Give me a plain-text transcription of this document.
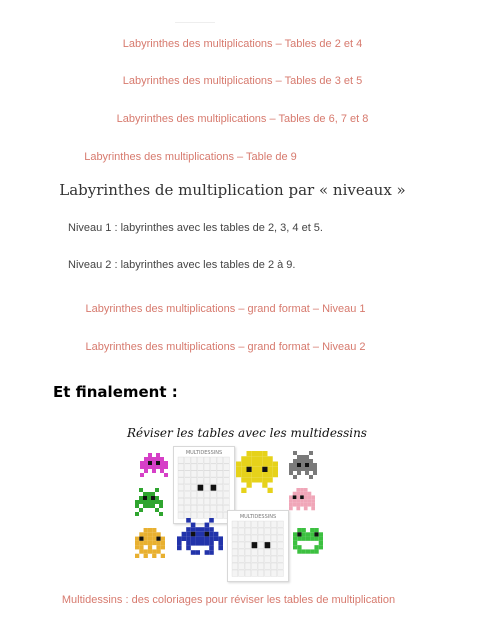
Labyrinthes des multiplications – Tables de 2 et 4
Labyrinthes des multiplications – Tables de 3 et 5
Labyrinthes des multiplications – Tables de 6, 7 et 8
Labyrinthes des multiplications – Table de 9
Labyrinthes de multiplication par « niveaux »
Niveau 1 : labyrinthes avec les tables de 2, 3, 4 et 5.
Niveau 2 : labyrinthes avec les tables de 2 à 9.
Labyrinthes des multiplications – grand format – Niveau 1
Labyrinthes des multiplications – grand format – Niveau 2
Et finalement :
Réviser les tables avec les multidessins
MULTIDESSINS
MULTIDESSINS
Multidessins : des coloriages pour réviser les tables de multiplication
